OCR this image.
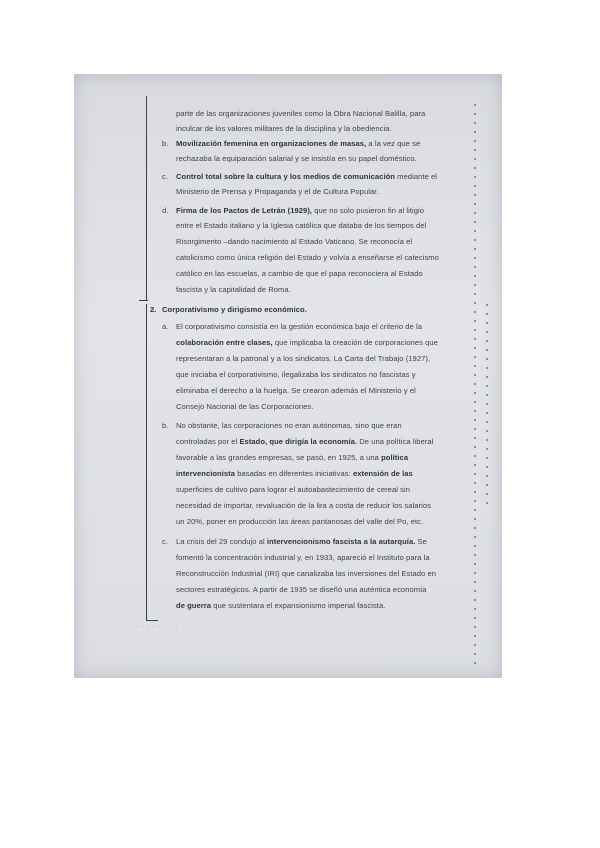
parte de las organizaciones juveniles como la Obra Nacional Balilla, para
inculcar de los valores militares de la disciplina y la obediencia.
b. Movilización femenina en organizaciones de masas, a la vez que se
rechazaba la equiparación salarial y se insistía en su papel doméstico.
c. Control total sobre la cultura y los medios de comunicación mediante el
Ministerio de Prensa y Propaganda y el de Cultura Popular.
d. Firma de los Pactos de Letrán (1929), que no solo pusieron fin al litigio
entre el Estado italiano y la Iglesia católica que databa de los tiempos del
Risorgimento –dando nacimiento al Estado Vaticano. Se reconocía el
catolicismo como única religión del Estado y volvía a enseñarse el catecismo
católico en las escuelas, a cambio de que el papa reconociera al Estado
fascista y la capitalidad de Roma.
2. Corporativismo y dirigismo económico.
a. El corporativismo consistía en la gestión económica bajo el criterio de la
colaboración entre clases, que implicaba la creación de corporaciones que
representaran a la patronal y a los sindicatos. La Carta del Trabajo (1927),
que iniciaba el corporativismo, ilegalizaba los sindicatos no fascistas y
eliminaba el derecho a la huelga. Se crearon además el Ministerio y el
Consejo Nacional de las Corporaciones.
b. No obstante, las corporaciones no eran autónomas, sino que eran
controladas por el Estado, que dirigía la economía. De una política liberal
favorable a las grandes empresas, se pasó, en 1925, a una política
intervencionista basadas en diferentes iniciativas: extensión de las
superficies de cultivo para lograr el autoabastecimiento de cereal sin
necesidad de importar, revaluación de la lira a costa de reducir los salarios
un 20%, poner en producción las áreas pantanosas del valle del Po, etc.
c. La crisis del 29 condujo al intervencionismo fascista a la autarquía. Se
fomentó la concentración industrial y, en 1933, apareció el Instituto para la
Reconstrucción Industrial (IRI) que canalizaba las inversiones del Estado en
sectores estratégicos. A partir de 1935 se diseñó una auténtica economía
de guerra que sustentara el expansionismo imperial fascista.
· · · · · · · · ·
